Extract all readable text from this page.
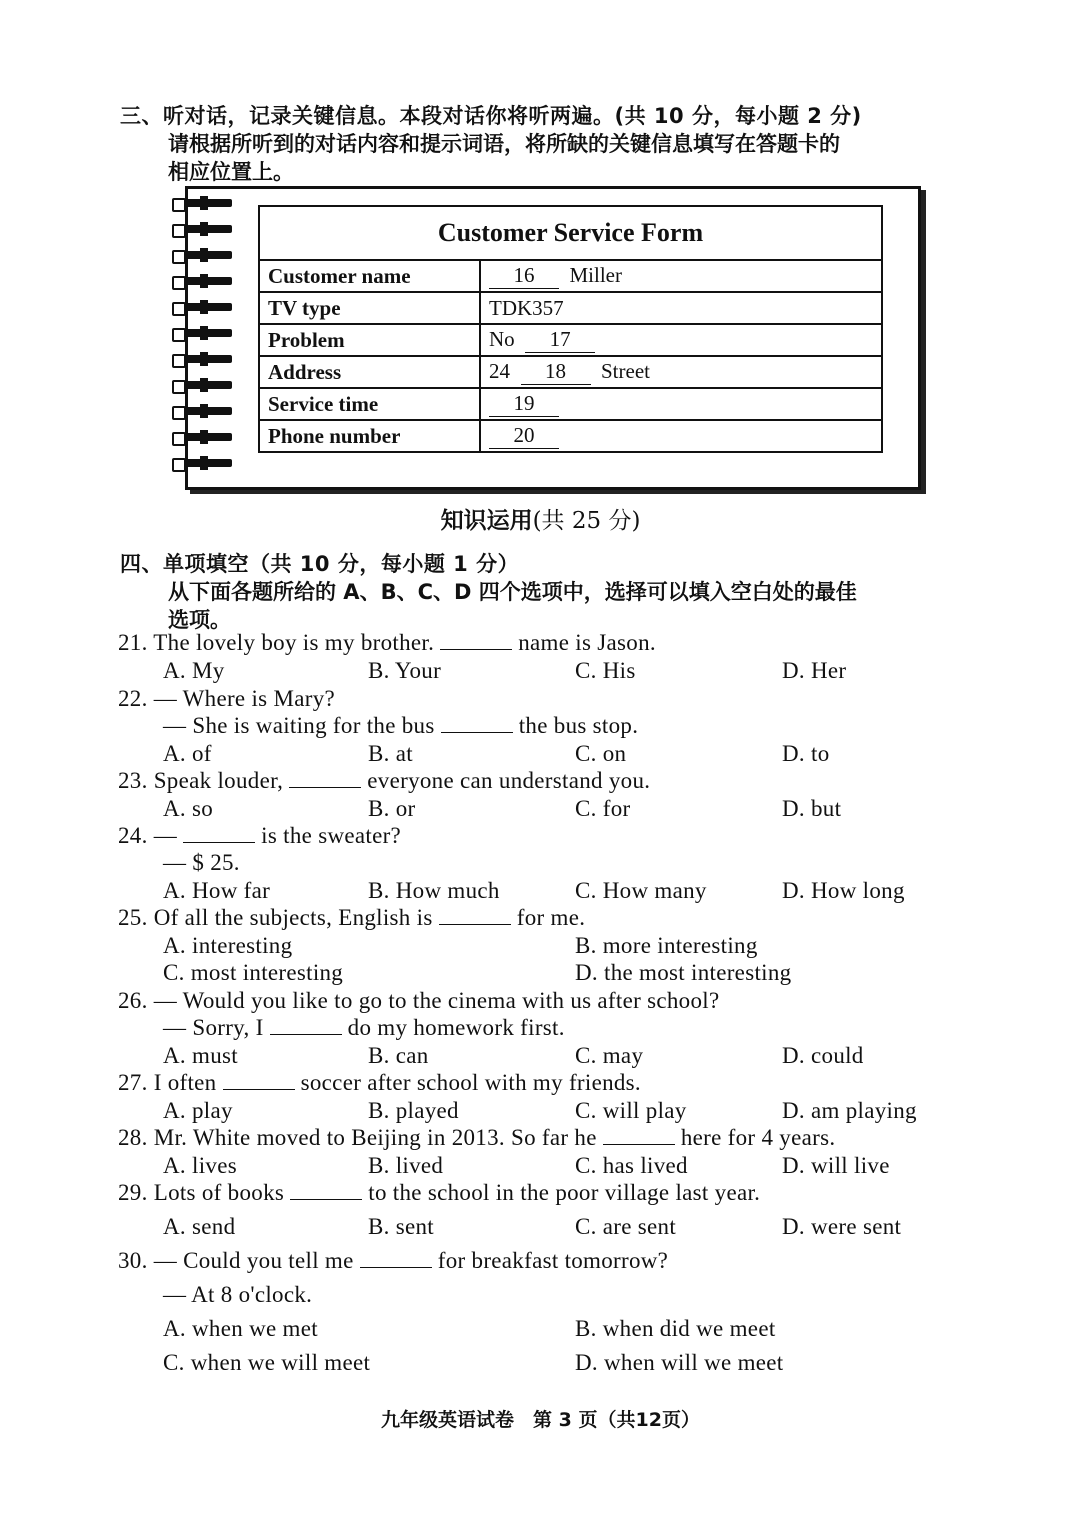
三、听对话，记录关键信息。本段对话你将听两遍。(共 10 分，每小题 2 分)
请根据所听到的对话内容和提示词语，将所缺的关键信息填写在答题卡的
相应位置上。
Customer Service Form	
Customer name	16 Miller
TV type	TDK357
Problem	No 17
Address	24 18 Street
Service time	19
Phone number	20
知识运用(共 25 分)
四、单项填空（共 10 分，每小题 1 分）
从下面各题所给的 A、B、C、D 四个选项中，选择可以填入空白处的最佳
选项。
21. The lovely boy is my brother.	name is Jason.
A. My	B. Your	C. His	D. Her
22. — Where is Mary?
— She is waiting for the bus	the bus stop.
A. of	B. at	C. on	D. to
23. Speak louder,	everyone can understand you.
A. so	B. or	C. for	D. but
24. —	is the sweater?
— $ 25.
A. How far	B. How much	C. How many	D. How long
25. Of all the subjects, English is	for me.
A. interesting	B. more interesting
C. most interesting	D. the most interesting
26. — Would you like to go to the cinema with us after school?
— Sorry, I	do my homework first.
A. must	B. can	C. may	D. could
27. I often	soccer after school with my friends.
A. play	B. played	C. will play	D. am playing
28. Mr. White moved to Beijing in 2013. So far he	here for 4 years.
A. lives	B. lived	C. has lived	D. will live
29. Lots of books	to the school in the poor village last year.
A. send	B. sent	C. are sent	D. were sent
30. — Could you tell me	for breakfast tomorrow?
— At 8 o'clock.
A. when we met	B. when did we meet
C. when we will meet	D. when will we meet
九年级英语试卷　第 3 页（共12页）
